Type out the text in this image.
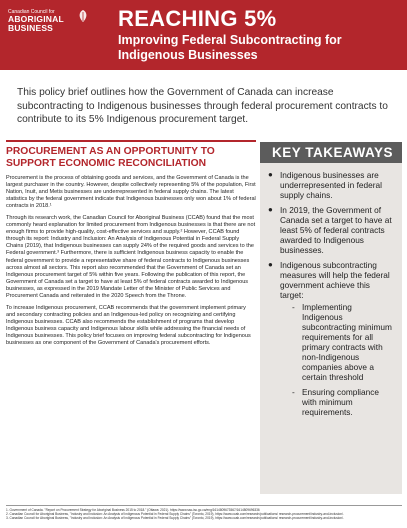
Canadian Council for
ABORIGINAL
BUSINESS	REACHING 5%
Improving Federal Subcontracting for Indigenous Businesses

This policy brief outlines how the Government of Canada can increase subcontracting to Indigenous businesses through federal procurement contracts to contribute to its 5% Indigenous procurement target.

PROCUREMENT AS AN OPPORTUNITY TO SUPPORT ECONOMIC RECONCILIATION

Procurement is the process of obtaining goods and services, and the Government of Canada is the largest purchaser in the country. However, despite collectively representing 5% of the population, First Nation, Inuit, and Metis businesses are underrepresented in federal supply chains. The latest statistics by the federal government indicate that Indigenous businesses only won about 1% of federal contracts in 2018.¹

Through its research work, the Canadian Council for Aboriginal Business (CCAB) found that the most commonly heard explanation for limited procurement from Indigenous businesses is that there are not enough firms to provide high-quality, cost-effective services and supply.² However, CCAB found through its report: Industry and Inclusion: An Analysis of Indigenous Potential in Federal Supply Chains (2019), that Indigenous businesses can supply 24% of the required goods and services to the Federal government.³ Furthermore, there is sufficient Indigenous business capacity to enable the federal government to provide a representative share of federal contracts to Indigenous businesses across almost all sectors. This report also recommended that the Government of Canada set an Indigenous procurement target of 5% within five years. Following the publication of this report, the Government of Canada set a target to have at least 5% of federal contracts awarded to Indigenous businesses, as expressed in the 2019 Mandate Letter of the Minister of Public Services and Procurement Canada and reiterated in the 2020 Speech from the Throne.

To increase Indigenous procurement, CCAB recommends that the government implement primary and secondary contracting policies and an Indigenous-led policy on recognizing and certifying Indigenous businesses. CCAB also recommends the establishment of programs that develop Indigenous business capacity and Indigenous labour skills while addressing the financial needs of Indigenous businesses. This policy brief focuses on improving federal subcontracting for Indigenous businesses as one component of the Government of Canada's procurement efforts.

KEY TAKEAWAYS
● Indigenous businesses are underrepresented in federal supply chains.
● In 2019, the Government of Canada set a target to have at least 5% of federal contracts awarded to Indigenous businesses.
● Indigenous subcontracting measures will help the federal government achieve this target:
- Implementing Indigenous subcontracting minimum requirements for all primary contracts with non-Indigenous companies above a certain threshold
- Ensuring compliance with minimum requirements.

1. Government of Canada. "Report on Procurement Strategy for Aboriginal Business 2015 to 2018." (Ottawa: 2021). https://www.sac-isc.gc.ca/eng/1614809673567/1614809696336

2. Canadian Council for Aboriginal Business, "Industry and Inclusion: An Analysis of Indigenous Potential in Federal Supply Chains" (Toronto, 2019), https://www.ccab.com/research/publications/ research-procurement/industry-and-inclusion/.

3. Canadian Council for Aboriginal Business, "Industry and Inclusion: An Analysis of Indigenous Potential in Federal Supply Chains" (Toronto, 2019), https://www.ccab.com/research/publications/ research-procurement/industry-and-inclusion/.
